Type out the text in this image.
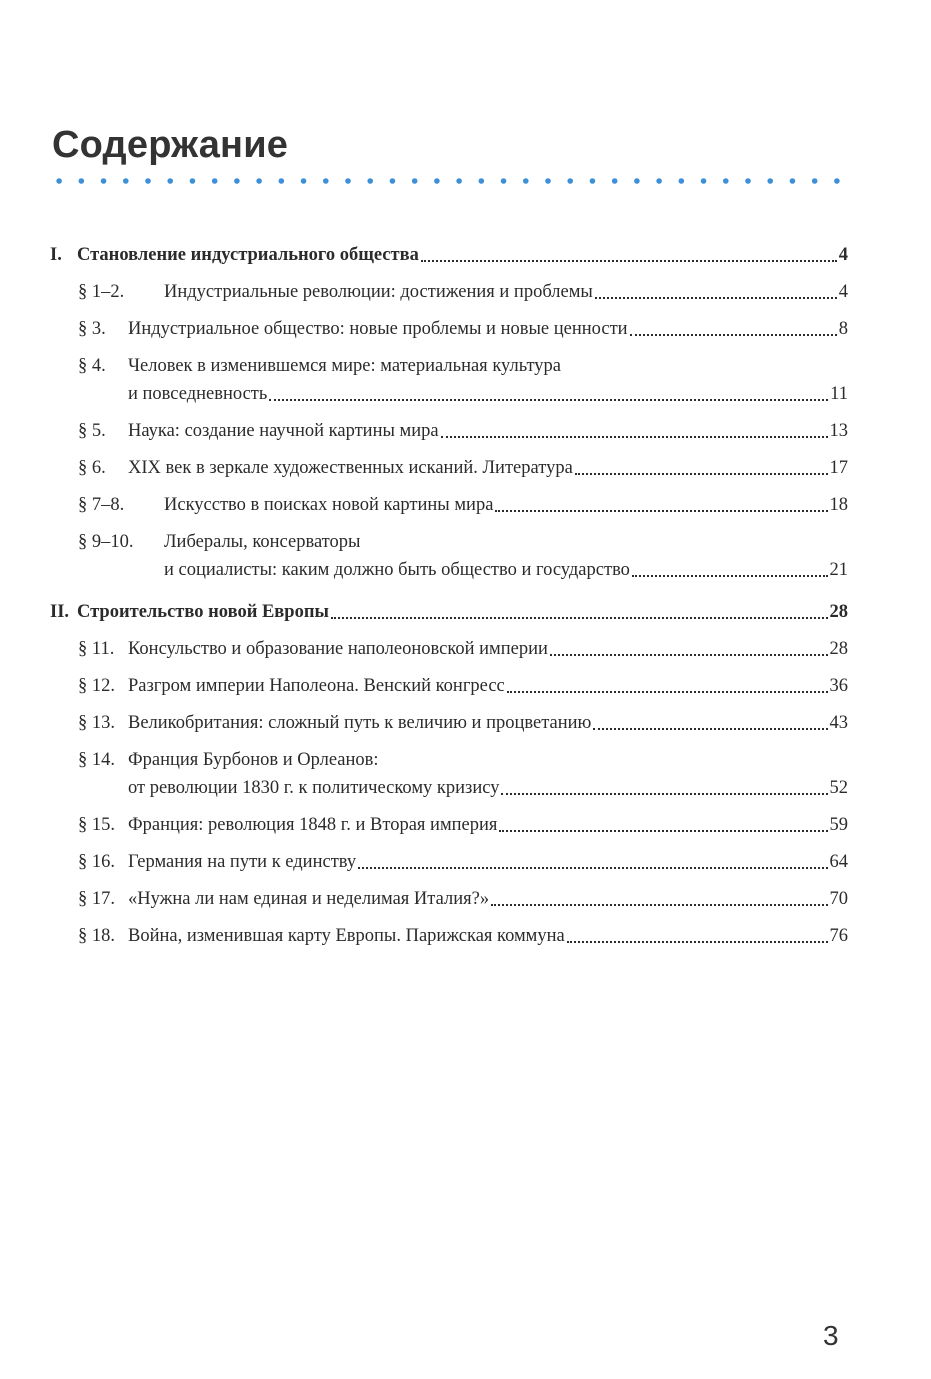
Содержание
I. Становление индустриального общества	4
§ 1–2.	Индустриальные революции: достижения и проблемы	4
§ 3.	Индустриальное общество: новые проблемы и новые ценности	8
§ 4.	Человек в изменившемся мире: материальная культура
и повседневность	11
§ 5.	Наука: создание научной картины мира	13
§ 6.	XIX век в зеркале художественных исканий. Литература	17
§ 7–8.	Искусство в поисках новой картины мира	18
§ 9–10.	Либералы, консерваторы
и социалисты: каким должно быть общество и государство	21
II. Строительство новой Европы	28
§ 11. Консульство и образование наполеоновской империи	28
§ 12. Разгром империи Наполеона. Венский конгресс	36
§ 13. Великобритания: сложный путь к величию и процветанию	43
§ 14. Франция Бурбонов и Орлеанов:
от революции 1830 г. к политическому кризису	52
§ 15. Франция: революция 1848 г. и Вторая империя	59
§ 16. Германия на пути к единству	64
§ 17. «Нужна ли нам единая и неделимая Италия?»	70
§ 18. Война, изменившая карту Европы. Парижская коммуна	76
3
